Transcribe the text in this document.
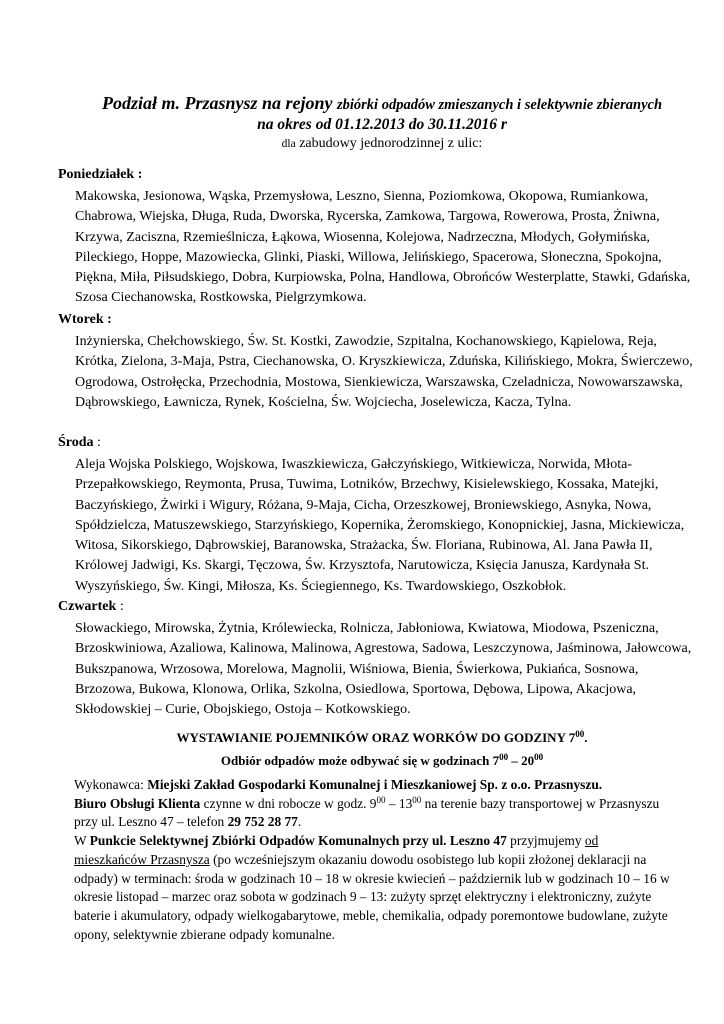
Podział m. Przasnysz na rejony zbiórki odpadów zmieszanych i selektywnie zbieranych
na okres od 01.12.2013 do 30.11.2016 r
dla zabudowy jednorodzinnej z ulic:
Poniedziałek :
Makowska, Jesionowa, Wąska, Przemysłowa, Leszno, Sienna, Poziomkowa, Okopowa, Rumiankowa, Chabrowa, Wiejska, Długa, Ruda, Dworska, Rycerska, Zamkowa, Targowa, Rowerowa, Prosta, Żniwna, Krzywa, Zaciszna, Rzemieślnicza, Łąkowa, Wiosenna, Kolejowa, Nadrzeczna, Młodych, Gołymińska, Pileckiego, Hoppe, Mazowiecka, Glinki, Piaski, Willowa, Jelińskiego, Spacerowa, Słoneczna, Spokojna, Piękna, Miła, Piłsudskiego, Dobra, Kurpiowska, Polna, Handlowa, Obrońców Westerplatte, Stawki, Gdańska, Szosa Ciechanowska, Rostkowska, Pielgrzymkowa.
Wtorek :
Inżynierska, Chełchowskiego, Św. St. Kostki, Zawodzie, Szpitalna, Kochanowskiego, Kąpielowa, Reja, Krótka, Zielona, 3-Maja, Pstra, Ciechanowska, O. Kryszkiewicza, Zduńska, Kilińskiego, Mokra, Świerczewo, Ogrodowa, Ostrołęcka, Przechodnia, Mostowa, Sienkiewicza, Warszawska, Czeladnicza, Nowowarszawska, Dąbrowskiego, Ławnicza, Rynek, Kościelna, Św. Wojciecha, Joselewicza, Kacza, Tylna.
Środa :
Aleja Wojska Polskiego, Wojskowa, Iwaszkiewicza, Gałczyńskiego, Witkiewicza, Norwida, Młota-Przepałkowskiego, Reymonta, Prusa, Tuwima, Lotników, Brzechwy, Kisielewskiego, Kossaka, Matejki, Baczyńskiego, Żwirki i Wigury, Różana, 9-Maja, Cicha, Orzeszkowej, Broniewskiego, Asnyka, Nowa, Spółdzielcza, Matuszewskiego, Starzyńskiego, Kopernika, Żeromskiego, Konopnickiej, Jasna, Mickiewicza, Witosa, Sikorskiego, Dąbrowskiej, Baranowska, Strażacka, Św. Floriana, Rubinowa, Al. Jana Pawła II, Królowej Jadwigi, Ks. Skargi, Tęczowa, Św. Krzysztofa, Narutowicza, Księcia Janusza, Kardynała St. Wyszyńskiego, Św. Kingi, Miłosza, Ks. Ściegiennego, Ks. Twardowskiego, Oszkobłok.
Czwartek :
Słowackiego, Mirowska, Żytnia, Królewiecka, Rolnicza, Jabłoniowa, Kwiatowa, Miodowa, Pszeniczna, Brzoskwiniowa, Azaliowa, Kalinowa, Malinowa, Agrestowa, Sadowa, Leszczynowa, Jaśminowa, Jałowcowa, Bukszpanowa, Wrzosowa, Morelowa, Magnolii, Wiśniowa, Bienia, Świerkowa, Pukiańca, Sosnowa, Brzozowa, Bukowa, Klonowa, Orlika, Szkolna, Osiedlowa, Sportowa, Dębowa, Lipowa, Akacjowa, Skłodowskiej – Curie, Obojskiego, Ostoja – Kotkowskiego.
WYSTAWIANIE POJEMNIKÓW ORAZ WORKÓW DO GODZINY $7^{00}$.
Odbiór odpadów może odbywać się w godzinach $7^{00} - 20^{00}$
Wykonawca: Miejski Zakład Gospodarki Komunalnej i Mieszkaniowej Sp. z o.o. Przasnyszu.
Biuro Obsługi Klienta czynne w dni robocze w godz. $9^{00} - 13^{00}$ na terenie bazy transportowej w Przasnyszu przy ul. Leszno 47 – telefon 29 752 28 77.
W Punkcie Selektywnej Zbiórki Odpadów Komunalnych przy ul. Leszno 47 przyjmujemy od mieszkańców Przasnysza (po wcześniejszym okazaniu dowodu osobistego lub kopii złożonej deklaracji na odpady) w terminach: środa w godzinach 10 – 18 w okresie kwiecień – październik lub w godzinach 10 – 16 w okresie listopad – marzec oraz sobota w godzinach 9 – 13: zużyty sprzęt elektryczny i elektroniczny, zużyte baterie i akumulatory, odpady wielkogabarytowe, meble, chemikalia, odpady poremontowe budowlane, zużyte opony, selektywnie zbierane odpady komunalne.
